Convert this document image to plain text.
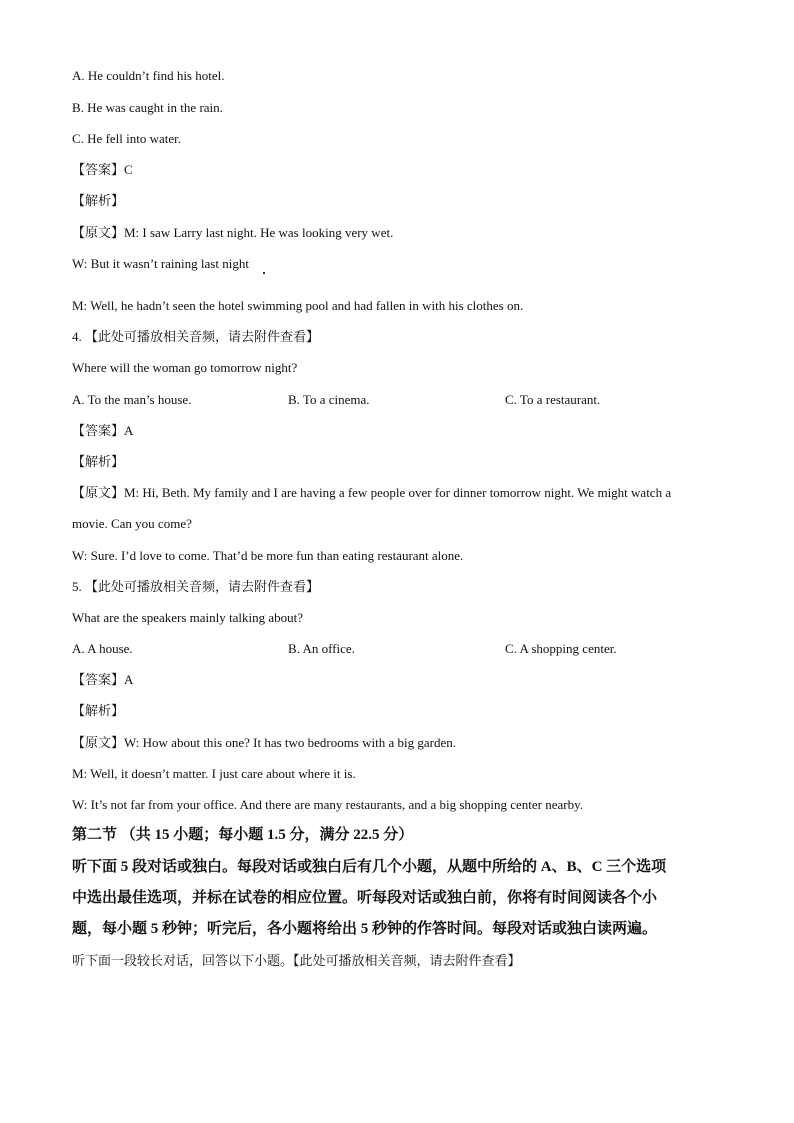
A. He couldn’t find his hotel.
B. He was caught in the rain.
C. He fell into water.
【答案】C
【解析】
【原文】M: I saw Larry last night. He was looking very wet.
W: But it wasn’t raining last night
M: Well, he hadn’t seen the hotel swimming pool and had fallen in with his clothes on.
4. 【此处可播放相关音频，请去附件查看】
Where will the woman go tomorrow night?
A. To the man’s house.	B. To a cinema.	C. To a restaurant.
【答案】A
【解析】
【原文】M: Hi, Beth. My family and I are having a few people over for dinner tomorrow night. We might watch a
movie. Can you come?
W: Sure. I’d love to come. That’d be more fun than eating restaurant alone.
5. 【此处可播放相关音频，请去附件查看】
What are the speakers mainly talking about?
A. A house.	B. An office.	C. A shopping center.
【答案】A
【解析】
【原文】W: How about this one? It has two bedrooms with a big garden.
M: Well, it doesn’t matter. I just care about where it is.
W: It’s not far from your office. And there are many restaurants, and a big shopping center nearby.
第二节 （共 15 小题；每小题 1.5 分，满分 22.5 分）
听下面 5 段对话或独白。每段对话或独白后有几个小题，从题中所给的 A、B、C 三个选项
中选出最佳选项，并标在试卷的相应位置。听每段对话或独白前，你将有时间阅读各个小
题，每小题 5 秒钟；听完后，各小题将给出 5 秒钟的作答时间。每段对话或独白读两遍。
听下面一段较长对话，回答以下小题。【此处可播放相关音频，请去附件查看】
